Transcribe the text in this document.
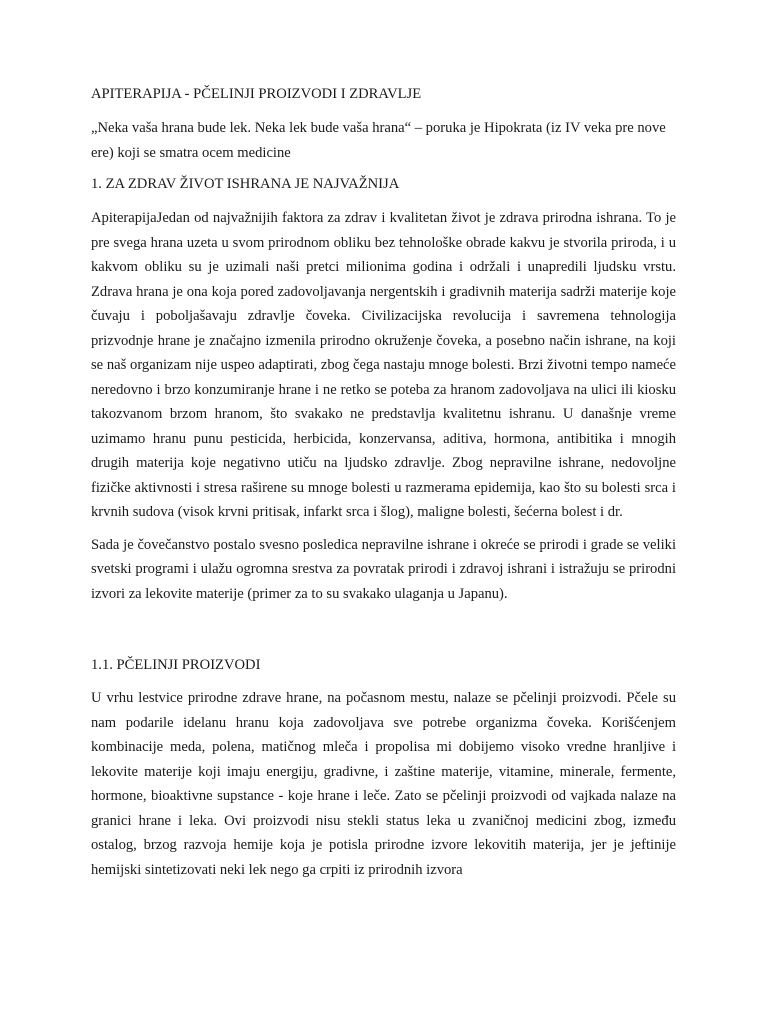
APITERAPIJA - PČELINJI PROIZVODI I ZDRAVLJE

„Neka vaša hrana bude lek. Neka lek bude vaša hrana“ – poruka je Hipokrata (iz IV veka pre nove ere) koji se smatra ocem medicine

1. ZA ZDRAV ŽIVOT ISHRANA JE NAJVAŽNIJA

ApiterapijaJedan od najvažnijih faktora za zdrav i kvalitetan život je zdrava prirodna ishrana. To je pre svega hrana uzeta u svom prirodnom obliku bez tehnološke obrade kakvu je stvorila priroda, i u kakvom obliku su je uzimali naši pretci milionima godina i održali i unapredili ljudsku vrstu. Zdrava hrana je ona koja pored zadovoljavanja nergentskih i gradivnih materija sadrži materije koje čuvaju i poboljašavaju zdravlje čoveka. Civilizacijska revolucija i savremena tehnologija prizvodnje hrane je značajno izmenila prirodno okruženje čoveka, a posebno način ishrane, na koji se naš organizam nije uspeo adaptirati, zbog čega nastaju mnoge bolesti. Brzi životni tempo nameće neredovno i brzo konzumiranje hrane i ne retko se poteba za hranom zadovoljava na ulici ili kiosku takozvanom brzom hranom, što svakako ne predstavlja kvalitetnu ishranu. U današnje vreme uzimamo hranu punu pesticida, herbicida, konzervansa, aditiva, hormona, antibitika i mnogih drugih materija koje negativno utiču na ljudsko zdravlje. Zbog nepravilne ishrane, nedovoljne fizičke aktivnosti i stresa raširene su mnoge bolesti u razmerama epidemija, kao što su bolesti srca i krvnih sudova (visok krvni pritisak, infarkt srca i šlog), maligne bolesti, šećerna bolest i dr.

Sada je čovečanstvo postalo svesno posledica nepravilne ishrane i okreće se prirodi i grade se veliki svetski programi i ulažu ogromna srestva za povratak prirodi i zdravoj ishrani i istražuju se prirodni izvori za lekovite materije (primer za to su svakako ulaganja u Japanu).

1.1. PČELINJI PROIZVODI

U vrhu lestvice prirodne zdrave hrane, na počasnom mestu, nalaze se pčelinji proizvodi. Pčele su nam podarile idelanu hranu koja zadovoljava sve potrebe organizma čoveka. Korišćenjem kombinacije meda, polena, matičnog mleča i propolisa mi dobijemo visoko vredne hranljive i lekovite materije koji imaju energiju, gradivne, i zaštine materije, vitamine, minerale, fermente, hormone, bioaktivne supstance - koje hrane i leče. Zato se pčelinji proizvodi od vajkada nalaze na granici hrane i leka. Ovi proizvodi nisu stekli status leka u zvaničnoj medicini zbog, između ostalog, brzog razvoja hemije koja je potisla prirodne izvore lekovitih materija, jer je jeftinije hemijski sintetizovati neki lek nego ga crpiti iz prirodnih izvora
